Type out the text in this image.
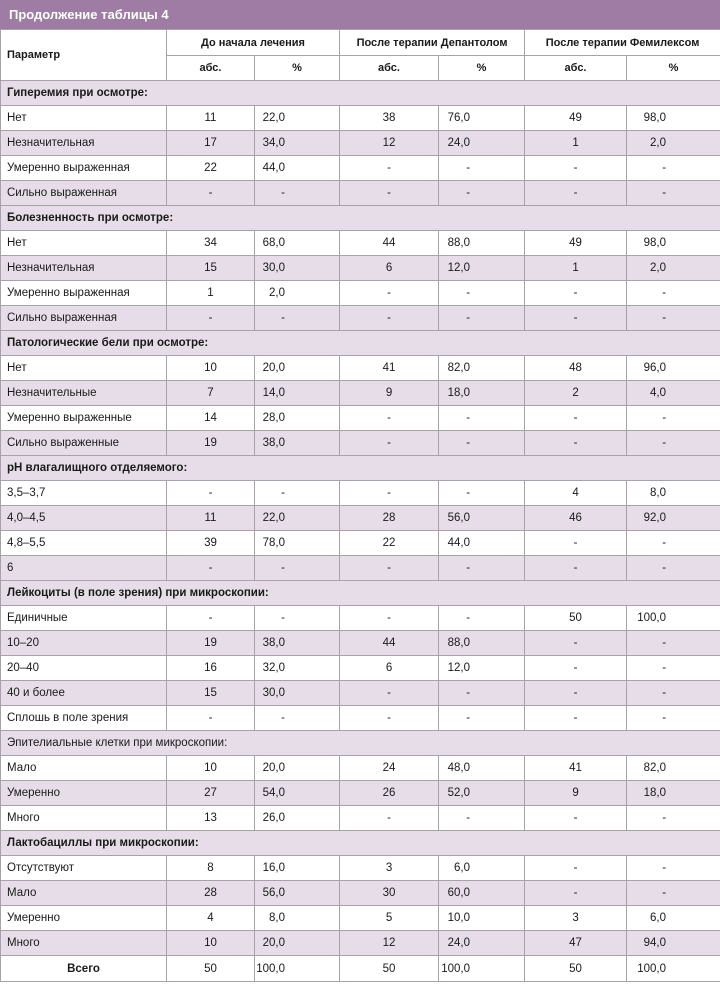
Продолжение таблицы 4
Параметр	До начала лечения		После терапии Депантолом		После терапии Фемилексом	
	абс.	%	абс.	%	абс.	%
Гиперемия при осмотре:						
Нет	11	22,0	38	76,0	49	98,0
Незначительная	17	34,0	12	24,0	1	2,0
Умеренно выраженная	22	44,0	-	-	-	-
Сильно выраженная	-	-	-	-	-	-
Болезненность при осмотре:						
Нет	34	68,0	44	88,0	49	98,0
Незначительная	15	30,0	6	12,0	1	2,0
Умеренно выраженная	1	2,0	-	-	-	-
Сильно выраженная	-	-	-	-	-	-
Патологические бели при осмотре:						
Нет	10	20,0	41	82,0	48	96,0
Незначительные	7	14,0	9	18,0	2	4,0
Умеренно выраженные	14	28,0	-	-	-	-
Сильно выраженные	19	38,0	-	-	-	-
pH влагалищного отделяемого:						
3,5–3,7	-	-	-	-	4	8,0
4,0–4,5	11	22,0	28	56,0	46	92,0
4,8–5,5	39	78,0	22	44,0	-	-
6	-	-	-	-	-	-
Лейкоциты (в поле зрения) при микроскопии:						
Единичные	-	-	-	-	50	100,0
10–20	19	38,0	44	88,0	-	-
20–40	16	32,0	6	12,0	-	-
40 и более	15	30,0	-	-	-	-
Сплошь в поле зрения	-	-	-	-	-	-
Эпителиальные клетки при микроскопии:						
Мало	10	20,0	24	48,0	41	82,0
Умеренно	27	54,0	26	52,0	9	18,0
Много	13	26,0	-	-	-	-
Лактобациллы при микроскопии:						
Отсутствуют	8	16,0	3	6,0	-	-
Мало	28	56,0	30	60,0	-	-
Умеренно	4	8,0	5	10,0	3	6,0
Много	10	20,0	12	24,0	47	94,0
Всего	50	100,0	50	100,0	50	100,0
